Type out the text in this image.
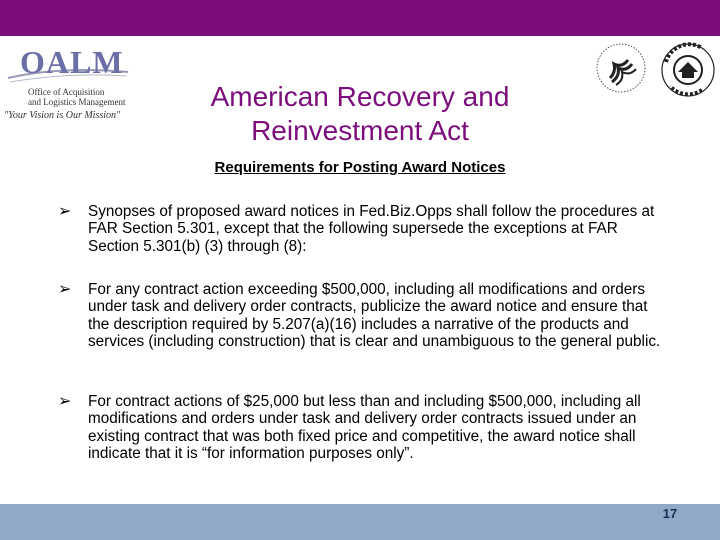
OALM
Office of Acquisition
and Logistics Management
"Your Vision is Our Mission"
American Recovery and Reinvestment Act
Requirements for Posting Award Notices
➢ Synopses of proposed award notices in Fed.Biz.Opps shall follow the procedures at FAR Section 5.301, except that the following supersede the exceptions at FAR Section 5.301(b) (3) through (8):
➢ For any contract action exceeding $500,000, including all modifications and orders under task and delivery order contracts, publicize the award notice and ensure that the description required by 5.207(a)(16) includes a narrative of the products and services (including construction) that is clear and unambiguous to the general public.
➢ For contract actions of $25,000 but less than and including $500,000, including all modifications and orders under task and delivery order contracts issued under an existing contract that was both fixed price and competitive, the award notice shall indicate that it is “for information purposes only”.
17
